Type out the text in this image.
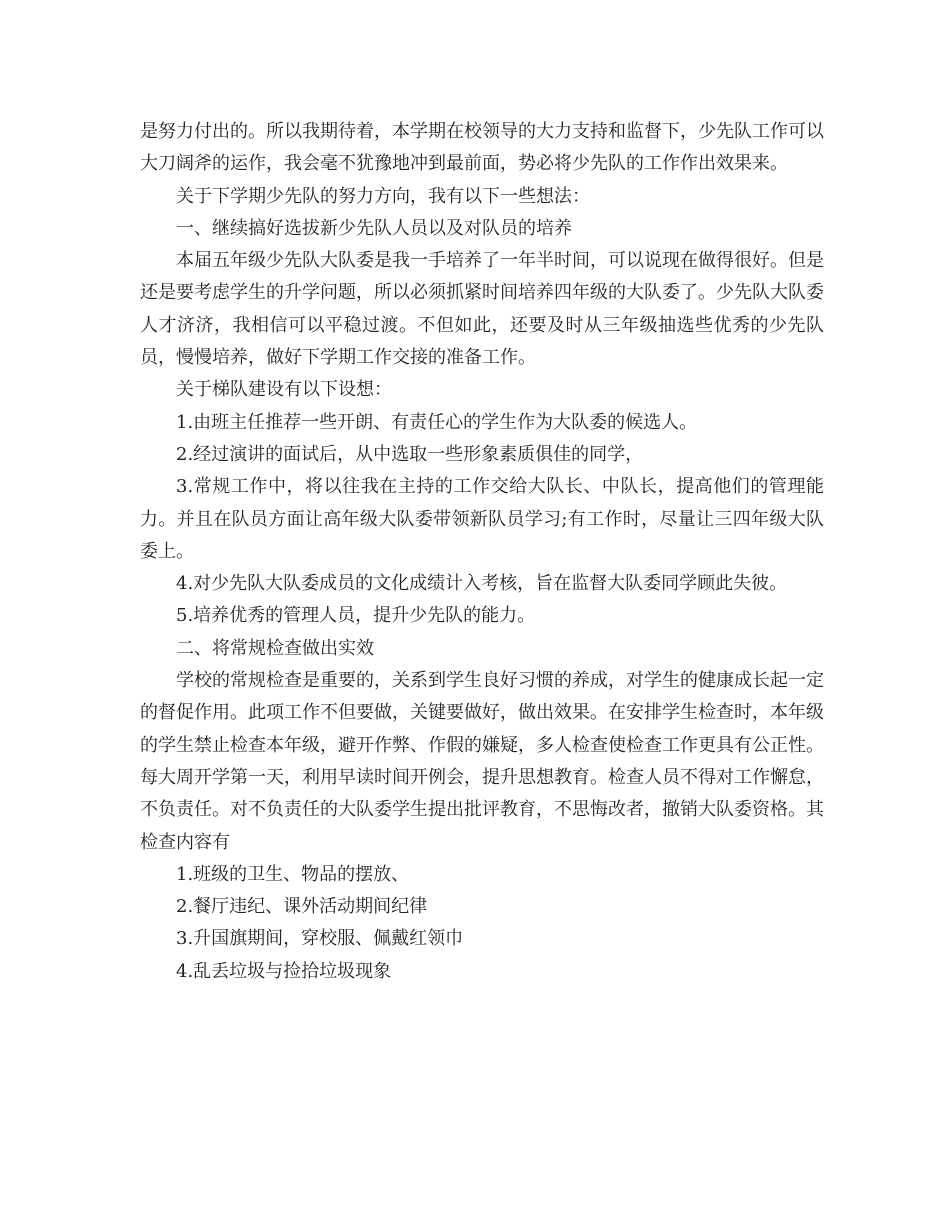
是努力付出的。所以我期待着，本学期在校领导的大力支持和监督下，少先队工作可以大刀阔斧的运作，我会毫不犹豫地冲到最前面，势必将少先队的工作作出效果来。

关于下学期少先队的努力方向，我有以下一些想法：

一、继续搞好选拔新少先队人员以及对队员的培养

本届五年级少先队大队委是我一手培养了一年半时间，可以说现在做得很好。但是还是要考虑学生的升学问题，所以必须抓紧时间培养四年级的大队委了。少先队大队委人才济济，我相信可以平稳过渡。不但如此，还要及时从三年级抽选些优秀的少先队员，慢慢培养，做好下学期工作交接的准备工作。

关于梯队建设有以下设想：

1.由班主任推荐一些开朗、有责任心的学生作为大队委的候选人。

2.经过演讲的面试后，从中选取一些形象素质俱佳的同学，

3.常规工作中，将以往我在主持的工作交给大队长、中队长，提高他们的管理能力。并且在队员方面让高年级大队委带领新队员学习;有工作时，尽量让三四年级大队委上。

4.对少先队大队委成员的文化成绩计入考核，旨在监督大队委同学顾此失彼。

5.培养优秀的管理人员，提升少先队的能力。

二、将常规检查做出实效

学校的常规检查是重要的，关系到学生良好习惯的养成，对学生的健康成长起一定的督促作用。此项工作不但要做，关键要做好，做出效果。在安排学生检查时，本年级的学生禁止检查本年级，避开作弊、作假的嫌疑，多人检查使检查工作更具有公正性。每大周开学第一天，利用早读时间开例会，提升思想教育。检查人员不得对工作懈怠，不负责任。对不负责任的大队委学生提出批评教育，不思悔改者，撤销大队委资格。其检查内容有

1.班级的卫生、物品的摆放、

2.餐厅违纪、课外活动期间纪律

3.升国旗期间，穿校服、佩戴红领巾

4.乱丢垃圾与捡拾垃圾现象
